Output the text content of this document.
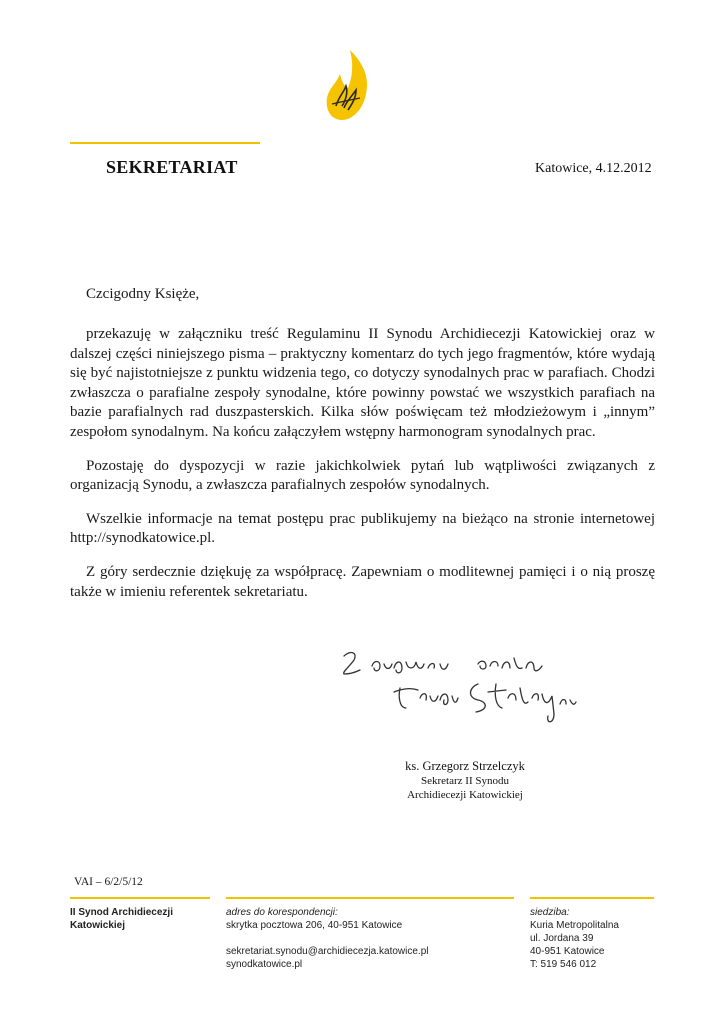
SEKRETARIAT	Katowice, 4.12.2012
Czcigodny Księże,

przekazuję w załączniku treść Regulaminu II Synodu Archidiecezji Katowickiej oraz w dalszej części niniejszego pisma – praktyczny komentarz do tych jego fragmentów, które wydają się być najistotniejsze z punktu widzenia tego, co dotyczy synodalnych prac w parafiach. Chodzi zwłaszcza o parafialne zespoły synodalne, które powinny powstać we wszystkich parafiach na bazie parafialnych rad duszpasterskich. Kilka słów poświęcam też młodzieżowym i „innym” zespołom synodalnym. Na końcu załączyłem wstępny harmonogram synodalnych prac.

Pozostaję do dyspozycji w razie jakichkolwiek pytań lub wątpliwości związanych z organizacją Synodu, a zwłaszcza parafialnych zespołów synodalnych.

Wszelkie informacje na temat postępu prac publikujemy na bieżąco na stronie internetowej http://synodkatowice.pl.

Z góry serdecznie dziękuję za współpracę. Zapewniam o modlitewnej pamięci i o nią proszę także w imieniu referentek sekretariatu.

ks. Grzegorz Strzelczyk
Sekretarz II Synodu
Archidiecezji Katowickiej
VAI – 6/2/5/12
II Synod Archidiecezji
Katowickiej
adres do korespondencji:
skrytka pocztowa 206, 40-951 Katowice
sekretariat.synodu@archidiecezja.katowice.pl
synodkatowice.pl
siedziba:
Kuria Metropolitalna
ul. Jordana 39
40-951 Katowice
T: 519 546 012
